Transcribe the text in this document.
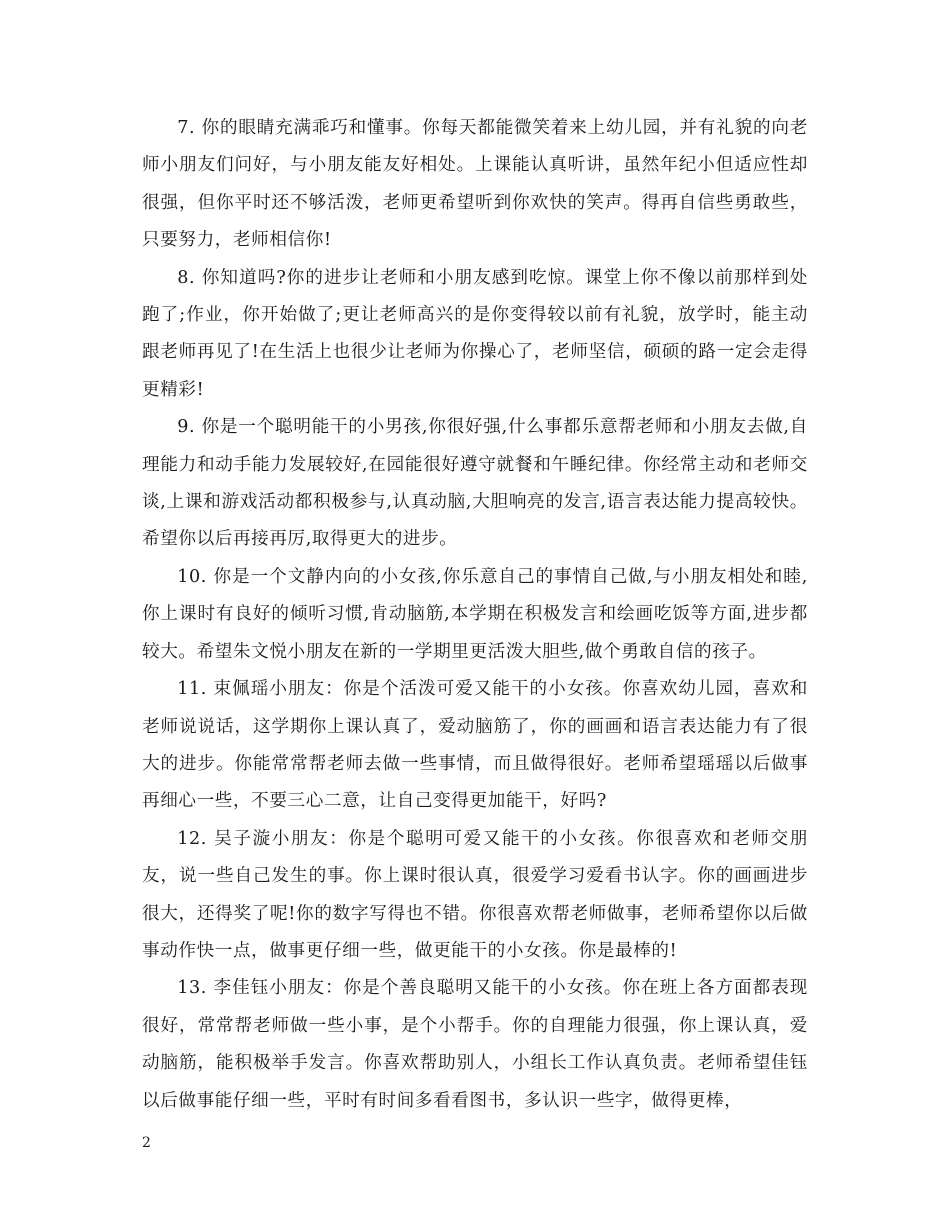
7. 你的眼睛充满乖巧和懂事。你每天都能微笑着来上幼儿园，并有礼貌的向老师小朋友们问好，与小朋友能友好相处。上课能认真听讲，虽然年纪小但适应性却很强，但你平时还不够活泼，老师更希望听到你欢快的笑声。得再自信些勇敢些，只要努力，老师相信你!

8. 你知道吗?你的进步让老师和小朋友感到吃惊。课堂上你不像以前那样到处跑了;作业，你开始做了;更让老师高兴的是你变得较以前有礼貌，放学时，能主动跟老师再见了!在生活上也很少让老师为你操心了，老师坚信，硕硕的路一定会走得更精彩!

9. 你是一个聪明能干的小男孩,你很好强,什么事都乐意帮老师和小朋友去做,自理能力和动手能力发展较好,在园能很好遵守就餐和午睡纪律。你经常主动和老师交谈,上课和游戏活动都积极参与,认真动脑,大胆响亮的发言,语言表达能力提高较快。希望你以后再接再厉,取得更大的进步。

10. 你是一个文静内向的小女孩,你乐意自己的事情自己做,与小朋友相处和睦,你上课时有良好的倾听习惯,肯动脑筋,本学期在积极发言和绘画吃饭等方面,进步都较大。希望朱文悦小朋友在新的一学期里更活泼大胆些,做个勇敢自信的孩子。

11. 束佩瑶小朋友：你是个活泼可爱又能干的小女孩。你喜欢幼儿园，喜欢和老师说说话，这学期你上课认真了，爱动脑筋了，你的画画和语言表达能力有了很大的进步。你能常常帮老师去做一些事情，而且做得很好。老师希望瑶瑶以后做事再细心一些，不要三心二意，让自己变得更加能干，好吗?

12. 吴子漩小朋友：你是个聪明可爱又能干的小女孩。你很喜欢和老师交朋友，说一些自己发生的事。你上课时很认真，很爱学习爱看书认字。你的画画进步很大，还得奖了呢!你的数字写得也不错。你很喜欢帮老师做事，老师希望你以后做事动作快一点，做事更仔细一些，做更能干的小女孩。你是最棒的!

13. 李佳钰小朋友：你是个善良聪明又能干的小女孩。你在班上各方面都表现很好，常常帮老师做一些小事，是个小帮手。你的自理能力很强，你上课认真，爱动脑筋，能积极举手发言。你喜欢帮助别人，小组长工作认真负责。老师希望佳钰以后做事能仔细一些，平时有时间多看看图书，多认识一些字，做得更棒，

2
